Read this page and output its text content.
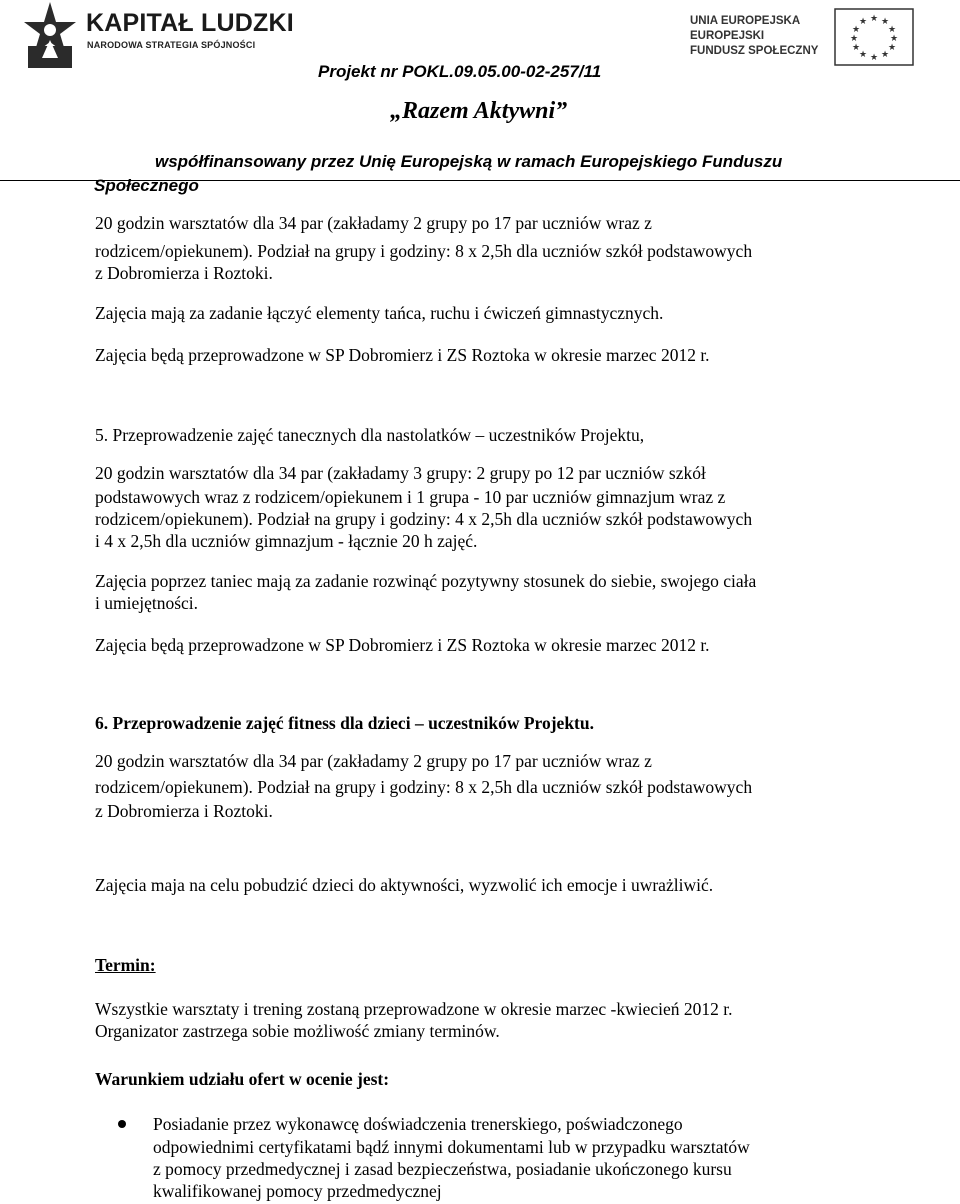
KAPITAŁ LUDZKI
NARODOWA STRATEGIA SPÓJNOŚCI
UNIA EUROPEJSKA
EUROPEJSKI
FUNDUSZ SPOŁECZNY
★ ★
★
★
★
★
★
★
★
★
★
★
Projekt nr POKL.09.05.00-02-257/11
„Razem Aktywni”
współfinansowany przez Unię Europejską w ramach Europejskiego Funduszu
Społecznego
20 godzin warsztatów dla 34 par (zakładamy 2 grupy po 17 par uczniów wraz z
rodzicem/opiekunem). Podział na grupy i godziny: 8 x 2,5h dla uczniów szkół podstawowych
z Dobromierza i Roztoki.
Zajęcia mają za zadanie łączyć elementy tańca, ruchu i ćwiczeń gimnastycznych.
Zajęcia będą przeprowadzone w SP Dobromierz i ZS Roztoka w okresie marzec 2012 r.
5. Przeprowadzenie zajęć tanecznych dla nastolatków – uczestników Projektu,
20 godzin warsztatów dla 34 par (zakładamy 3 grupy: 2 grupy po 12 par uczniów szkół
podstawowych wraz z rodzicem/opiekunem i 1 grupa - 10 par uczniów gimnazjum wraz z
rodzicem/opiekunem). Podział na grupy i godziny: 4 x 2,5h dla uczniów szkół podstawowych
i 4 x 2,5h dla uczniów gimnazjum - łącznie 20 h zajęć.
Zajęcia poprzez taniec mają za zadanie rozwinąć pozytywny stosunek do siebie, swojego ciała
i umiejętności.
Zajęcia będą przeprowadzone w SP Dobromierz i ZS Roztoka w okresie marzec 2012 r.
6. Przeprowadzenie zajęć fitness dla dzieci – uczestników Projektu.
20 godzin warsztatów dla 34 par (zakładamy 2 grupy po 17 par uczniów wraz z
rodzicem/opiekunem). Podział na grupy i godziny: 8 x 2,5h dla uczniów szkół podstawowych
z Dobromierza i Roztoki.
Zajęcia maja na celu pobudzić dzieci do aktywności, wyzwolić ich emocje i uwrażliwić.
Termin:
Wszystkie warsztaty i trening zostaną przeprowadzone w okresie marzec -kwiecień 2012 r.
Organizator zastrzega sobie możliwość zmiany terminów.
Warunkiem udziału ofert w ocenie jest:
Posiadanie przez wykonawcę doświadczenia trenerskiego, poświadczonego
odpowiednimi certyfikatami bądź innymi dokumentami lub w przypadku warsztatów
z pomocy przedmedycznej i zasad bezpieczeństwa, posiadanie ukończonego kursu
kwalifikowanej pomocy przedmedycznej
